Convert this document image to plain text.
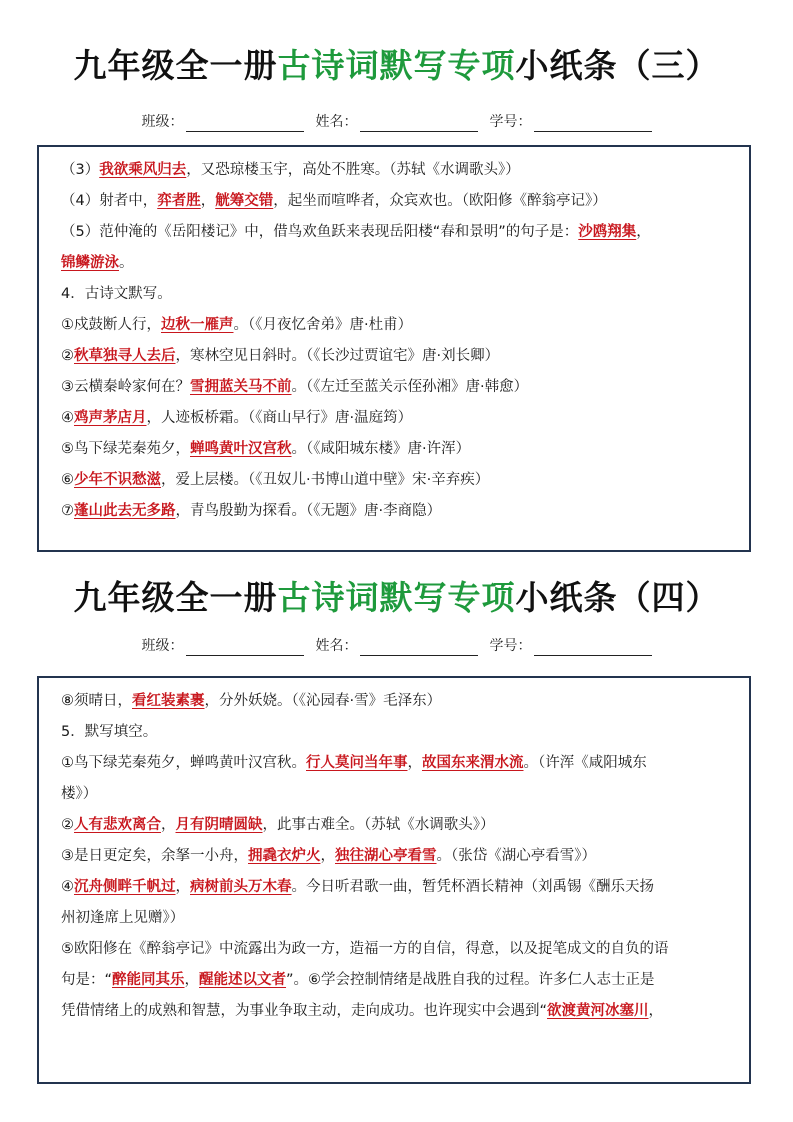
九年级全一册古诗词默写专项小纸条（三）
班级：	姓名：	学号：

（3）我欲乘风归去，又恐琼楼玉宇，高处不胜寒。（苏轼《水调歌头》）

（4）射者中，弈者胜，觥筹交错，起坐而喧哗者，众宾欢也。（欧阳修《醉翁亭记》）

（5）范仲淹的《岳阳楼记》中，借鸟欢鱼跃来表现岳阳楼“春和景明”的句子是：沙鸥翔集，

锦鳞游泳。

4．古诗文默写。

①戍鼓断人行，边秋一雁声。（《月夜忆舍弟》唐·杜甫）

②秋草独寻人去后，寒林空见日斜时。（《长沙过贾谊宅》唐·刘长卿）

③云横秦岭家何在？雪拥蓝关马不前。（《左迁至蓝关示侄孙湘》唐·韩愈）

④鸡声茅店月，人迹板桥霜。（《商山早行》唐·温庭筠）

⑤鸟下绿芜秦苑夕，蝉鸣黄叶汉宫秋。（《咸阳城东楼》唐·许浑）

⑥少年不识愁滋，爱上层楼。（《丑奴儿·书博山道中壁》宋·辛弃疾）

⑦蓬山此去无多路，青鸟殷勤为探看。（《无题》唐·李商隐）

九年级全一册古诗词默写专项小纸条（四）
班级：	姓名：	学号：

⑧须晴日，看红装素裹，分外妖娆。（《沁园春·雪》毛泽东）

5．默写填空。

①鸟下绿芜秦苑夕，蝉鸣黄叶汉宫秋。行人莫问当年事，故国东来渭水流。（许浑《咸阳城东

楼》）

②人有悲欢离合，月有阴晴圆缺，此事古难全。（苏轼《水调歌头》）

③是日更定矣，余拏一小舟，拥毳衣炉火，独往湖心亭看雪。（张岱《湖心亭看雪》）

④沉舟侧畔千帆过，病树前头万木春。今日听君歌一曲，暂凭杯酒长精神（刘禹锡《酬乐天扬

州初逢席上见赠》）

⑤欧阳修在《醉翁亭记》中流露出为政一方，造福一方的自信，得意，以及捉笔成文的自负的语

句是：“醉能同其乐，醒能述以文者”。⑥学会控制情绪是战胜自我的过程。许多仁人志士正是

凭借情绪上的成熟和智慧，为事业争取主动，走向成功。也许现实中会遇到“欲渡黄河冰塞川，
